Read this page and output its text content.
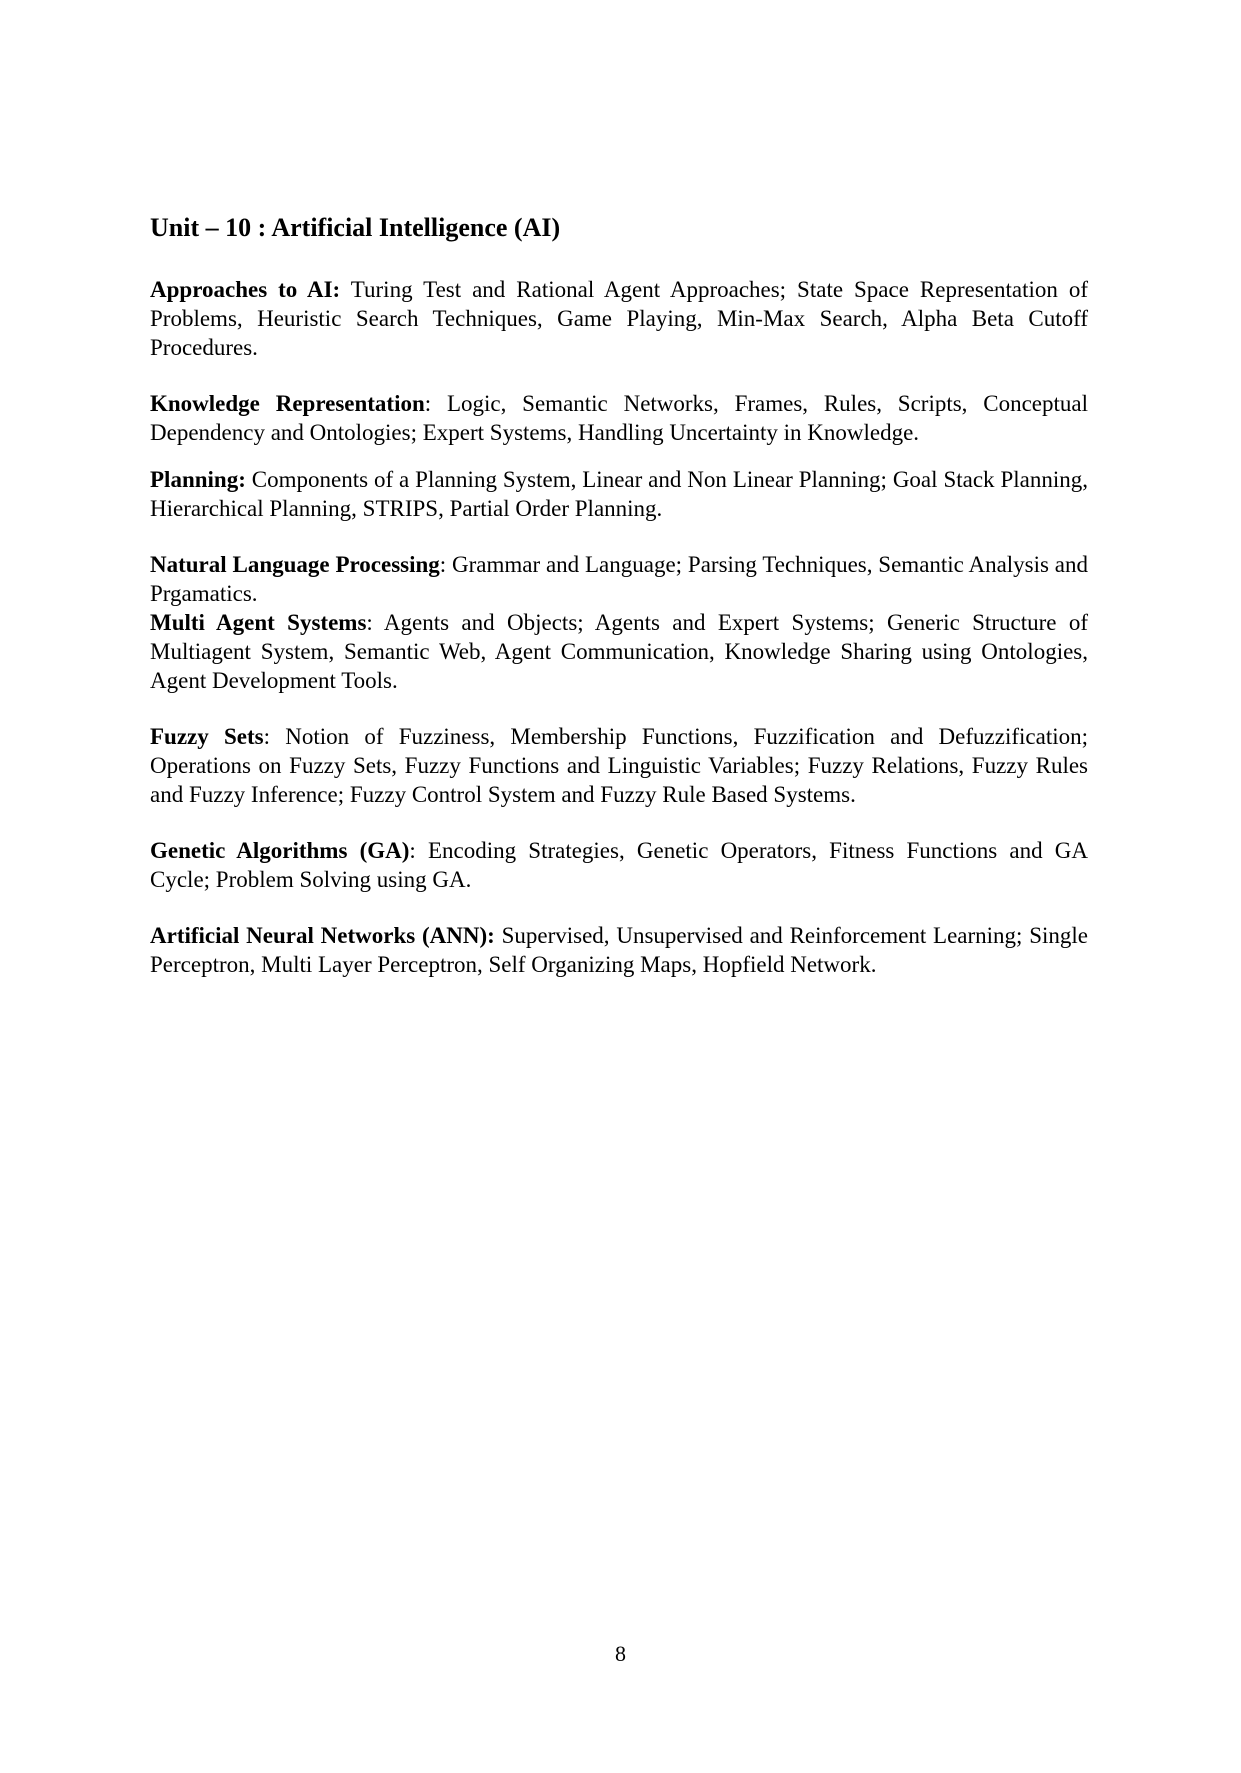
Unit – 10 : Artificial Intelligence (AI)

Approaches to AI: Turing Test and Rational Agent Approaches; State Space Representation of Problems, Heuristic Search Techniques, Game Playing, Min-Max Search, Alpha Beta Cutoff Procedures.

Knowledge Representation: Logic, Semantic Networks, Frames, Rules, Scripts, Conceptual Dependency and Ontologies; Expert Systems, Handling Uncertainty in Knowledge.

Planning: Components of a Planning System, Linear and Non Linear Planning; Goal Stack Planning, Hierarchical Planning, STRIPS, Partial Order Planning.

Natural Language Processing: Grammar and Language; Parsing Techniques, Semantic Analysis and Prgamatics.

Multi Agent Systems: Agents and Objects; Agents and Expert Systems; Generic Structure of Multiagent System, Semantic Web, Agent Communication, Knowledge Sharing using Ontologies, Agent Development Tools.

Fuzzy Sets: Notion of Fuzziness, Membership Functions, Fuzzification and Defuzzification; Operations on Fuzzy Sets, Fuzzy Functions and Linguistic Variables; Fuzzy Relations, Fuzzy Rules and Fuzzy Inference; Fuzzy Control System and Fuzzy Rule Based Systems.

Genetic Algorithms (GA): Encoding Strategies, Genetic Operators, Fitness Functions and GA Cycle; Problem Solving using GA.

Artificial Neural Networks (ANN): Supervised, Unsupervised and Reinforcement Learning; Single Perceptron, Multi Layer Perceptron, Self Organizing Maps, Hopfield Network.

8
